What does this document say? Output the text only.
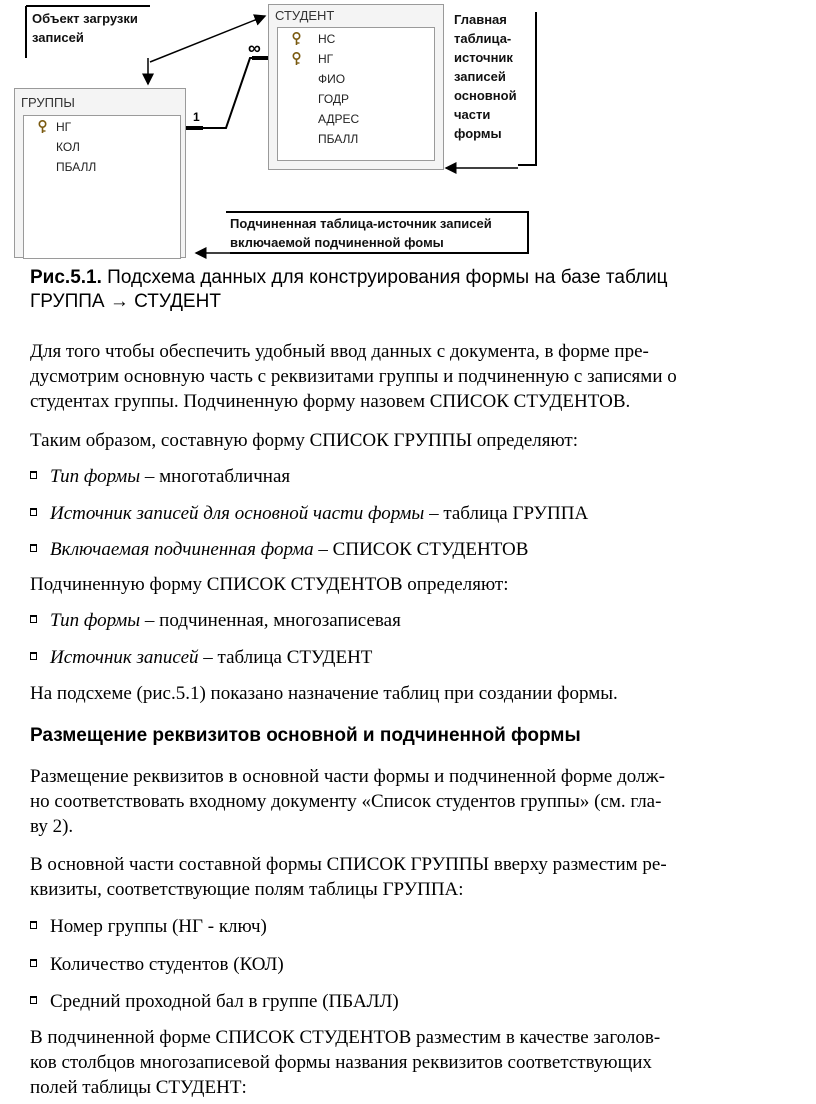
Объект загрузки
записей
СТУДЕНТ
НС
НГ
ФИО
ГОДР
АДРЕС
ПБАЛЛ
∞
1
ГРУППЫ
НГ
КОЛ
ПБАЛЛ
Главная
таблица-
источник
записей
основной
части
формы
Подчиненная таблица-источник записей
включаемой подчиненной фомы
Рис.5.1. Подсхема данных для конструирования формы на базе таблиц
ГРУППА → СТУДЕНТ
Для того чтобы обеспечить удобный ввод данных с документа, в форме пре-
дусмотрим основную часть с реквизитами группы и подчиненную с записями о
студентах группы. Подчиненную форму назовем СПИСОК СТУДЕНТОВ.
Таким образом, составную форму СПИСОК ГРУППЫ определяют:
Тип формы – многотабличная
Источник записей для основной части формы – таблица ГРУППА
Включаемая подчиненная форма – СПИСОК СТУДЕНТОВ
Подчиненную форму СПИСОК СТУДЕНТОВ определяют:
Тип формы – подчиненная, многозаписевая
Источник записей – таблица СТУДЕНТ
На подсхеме (рис.5.1) показано назначение таблиц при создании формы.
Размещение реквизитов основной и подчиненной формы
Размещение реквизитов в основной части формы и подчиненной форме долж-
но соответствовать входному документу «Список студентов группы» (см. гла-
ву 2).
В основной части составной формы СПИСОК ГРУППЫ вверху разместим ре-
квизиты, соответствующие полям таблицы ГРУППА:
Номер группы (НГ - ключ)
Количество студентов (КОЛ)
Средний проходной бал в группе (ПБАЛЛ)
В подчиненной форме СПИСОК СТУДЕНТОВ разместим в качестве заголов-
ков столбцов многозаписевой формы названия реквизитов соответствующих
полей таблицы СТУДЕНТ:
